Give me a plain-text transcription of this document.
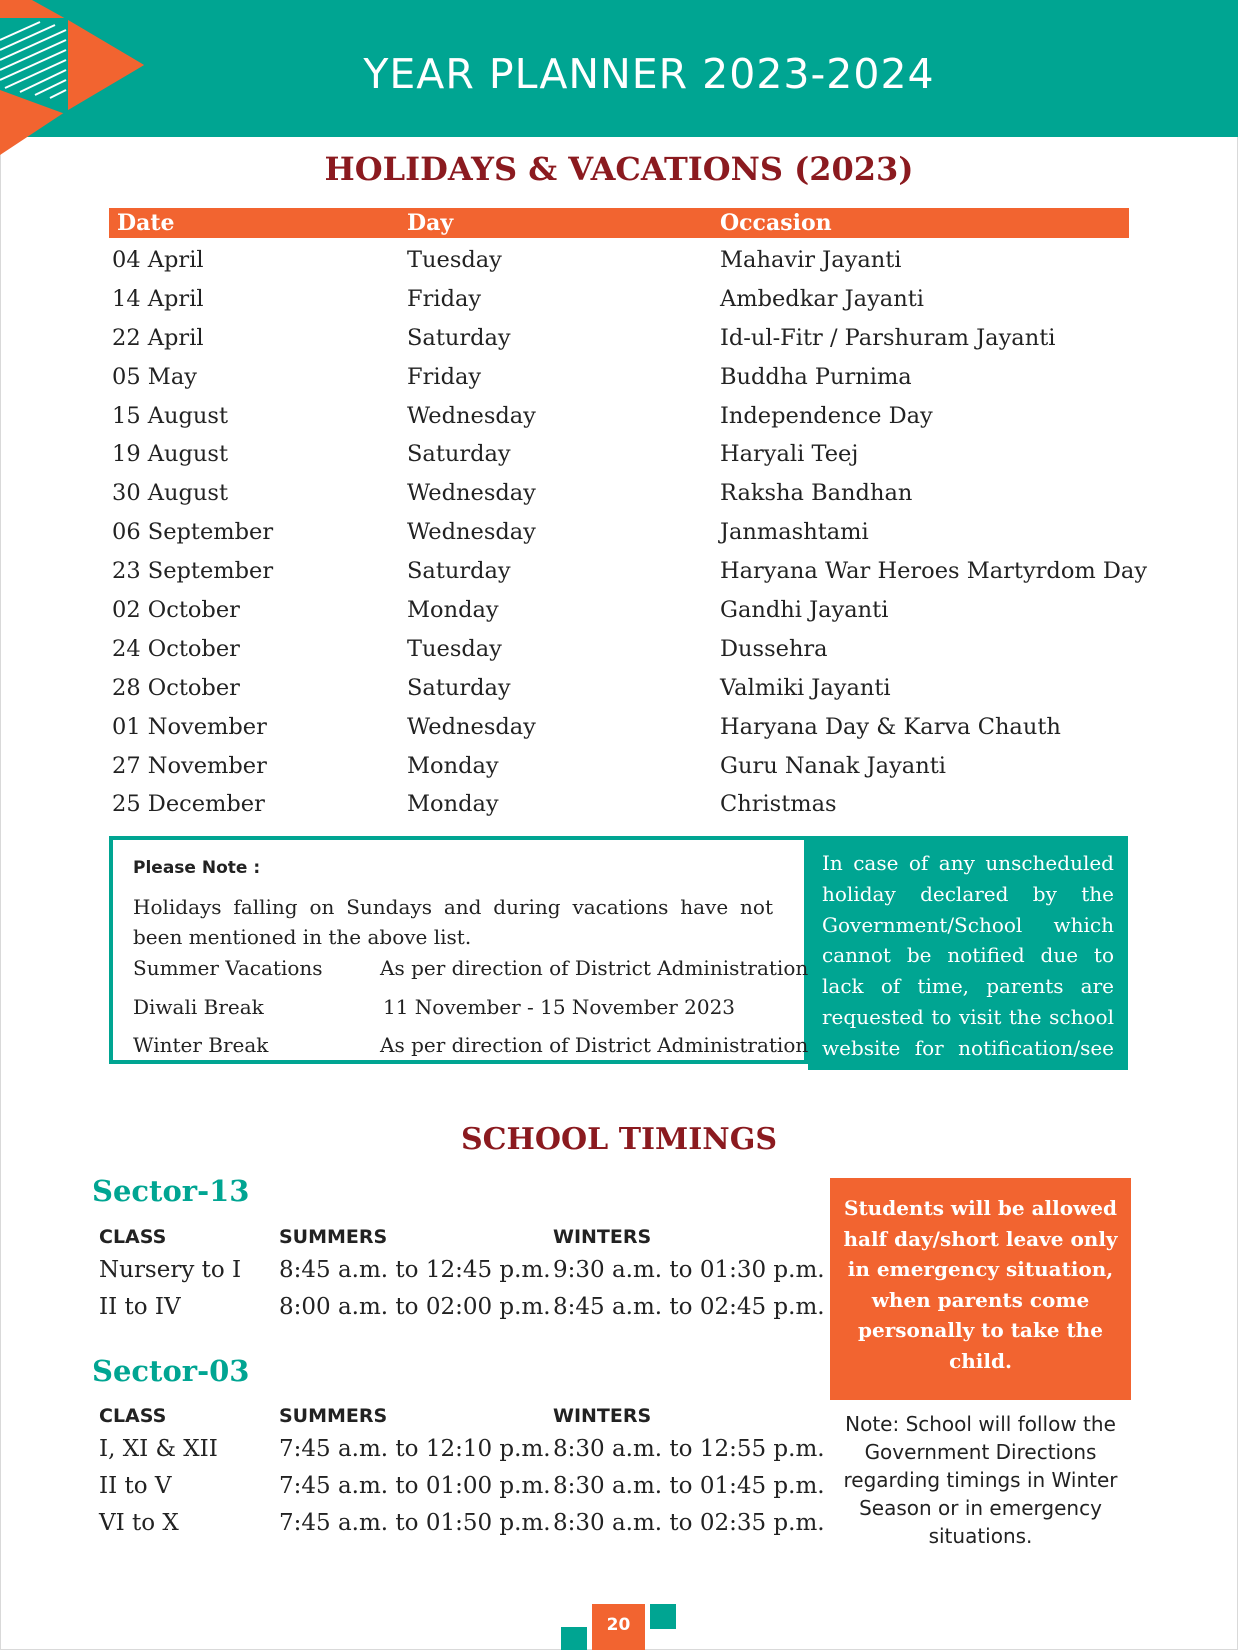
YEAR PLANNER 2023-2024
HOLIDAYS & VACATIONS (2023)
Date	Day	Occasion
04 April	Tuesday	Mahavir Jayanti
14 April	Friday	Ambedkar Jayanti
22 April	Saturday	Id-ul-Fitr / Parshuram Jayanti
05 May	Friday	Buddha Purnima
15 August	Wednesday	Independence Day
19 August	Saturday	Haryali Teej
30 August	Wednesday	Raksha Bandhan
06 September	Wednesday	Janmashtami
23 September	Saturday	Haryana War Heroes Martyrdom Day
02 October	Monday	Gandhi Jayanti
24 October	Tuesday	Dussehra
28 October	Saturday	Valmiki Jayanti
01 November	Wednesday	Haryana Day & Karva Chauth
27 November	Monday	Guru Nanak Jayanti
25 December	Monday	Christmas
Please Note :
Holidays falling on Sundays and during vacations have not been mentioned in the above list.
Summer Vacations	As per direction of District Administration
Diwali Break	11 November - 15 November 2023
Winter Break	As per direction of District Administration
In case of any unscheduled holiday declared by the Government/School which cannot be notified due to lack of time, parents are requested to visit the school website for notification/see SMS.
SCHOOL TIMINGS
Sector-13
CLASS	SUMMERS	WINTERS
Nursery to I 8:45 a.m. to 12:45 p.m. 9:30 a.m. to 01:30 p.m.
II to IV	8:00 a.m. to 02:00 p.m. 8:45 a.m. to 02:45 p.m.
Sector-03
CLASS	SUMMERS	WINTERS
I, XI & XII	7:45 a.m. to 12:10 p.m. 8:30 a.m. to 12:55 p.m.
II to V	7:45 a.m. to 01:00 p.m. 8:30 a.m. to 01:45 p.m.
VI to X	7:45 a.m. to 01:50 p.m. 8:30 a.m. to 02:35 p.m.
Students will be allowed half day/short leave only in emergency situation, when parents come personally to take the child.
Note: School will follow the Government Directions regarding timings in Winter Season or in emergency situations.
20
